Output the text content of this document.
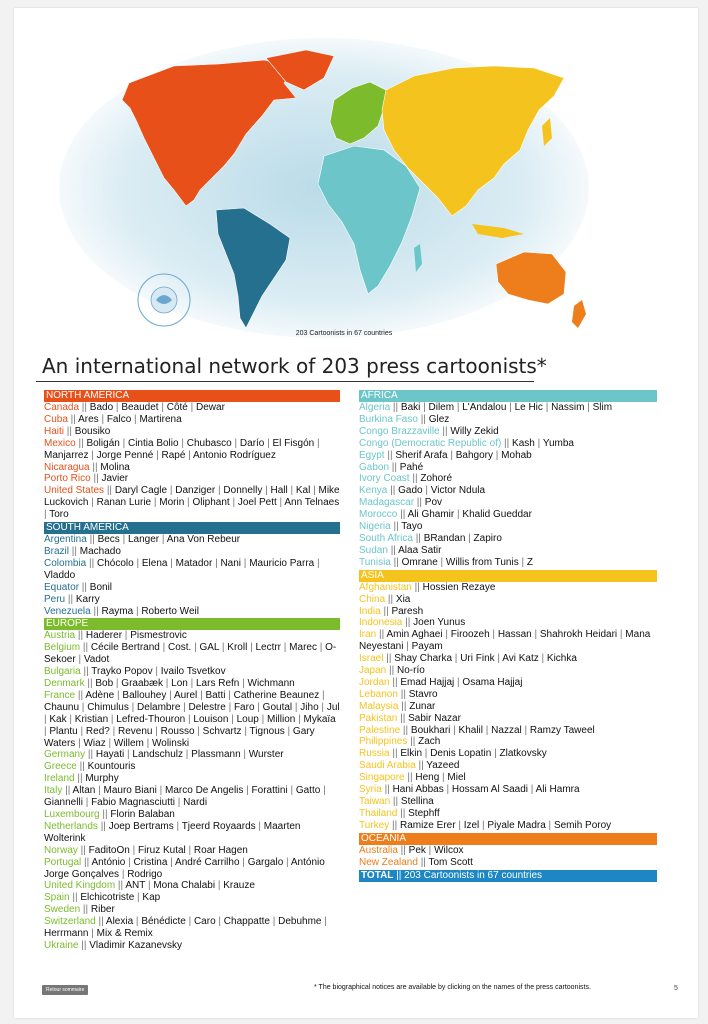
203 Cartoonists in 67 countries
An international network of 203 press cartoonists*
NORTH AMERICA
Canada || Bado | Beaudet | Côté | Dewar
Cuba || Ares | Falco | Martirena
Haiti || Bousiko
Mexico || Boligán | Cintia Bolio | Chubasco | Darío | El Fisgón | Manjarrez | Jorge Penné | Rapé | Antonio Rodríguez
Nicaragua || Molina
Porto Rico || Javier
United States || Daryl Cagle | Danziger | Donnelly | Hall | Kal | Mike Luckovich | Ranan Lurie | Morin | Oliphant | Joel Pett | Ann Telnaes | Toro
SOUTH AMERICA
Argentina || Becs | Langer | Ana Von Rebeur
Brazil || Machado
Colombia || Chócolo | Elena | Matador | Nani | Mauricio Parra | Vladdo
Equator || Bonil
Peru || Karry
Venezuela || Rayma | Roberto Weil
EUROPE
Austria || Haderer | Pismestrovic
Belgium || Cécile Bertrand | Cost. | GAL | Kroll | Lectrr | Marec | O-Sekoer | Vadot
Bulgaria || Trayko Popov | Ivailo Tsvetkov
Denmark || Bob | Graabæk | Lon | Lars Refn | Wichmann
France || Adène | Ballouhey | Aurel | Batti | Catherine Beaunez | Chaunu | Chimulus | Delambre | Delestre | Faro | Goutal | Jiho | Jul | Kak | Kristian | Lefred-Thouron | Louison | Loup | Million | Mykaïa | Plantu | Red? | Revenu | Rousso | Schvartz | Tignous | Gary Waters | Wiaz | Willem | Wolinski
Germany || Hayati | Landschulz | Plassmann | Wurster
Greece || Kountouris
Ireland || Murphy
Italy || Altan | Mauro Biani | Marco De Angelis | Forattini | Gatto | Giannelli | Fabio Magnasciutti | Nardi
Luxembourg || Florin Balaban
Netherlands || Joep Bertrams | Tjeerd Royaards | Maarten Wolterink
Norway || FaditoOn | Firuz Kutal | Roar Hagen
Portugal || António | Cristina | André Carrilho | Gargalo | António Jorge Gonçalves | Rodrigo
United Kingdom || ANT | Mona Chalabi | Krauze
Spain || Elchicotriste | Kap
Sweden || Riber
Switzerland || Alexia | Bénédicte | Caro | Chappatte | Debuhme | Herrmann | Mix & Remix
Ukraine || Vladimir Kazanevsky
AFRICA
Algeria || Baki | Dilem | L'Andalou | Le Hic | Nassim | Slim
Burkina Faso || Glez
Congo Brazzaville || Willy Zekid
Congo (Democratic Republic of) || Kash | Yumba
Egypt || Sherif Arafa | Bahgory | Mohab
Gabon || Pahé
Ivory Coast || Zohoré
Kenya || Gado | Victor Ndula
Madagascar || Pov
Morocco || Ali Ghamir | Khalid Gueddar
Nigeria || Tayo
South Africa || BRandan | Zapiro
Sudan || Alaa Satir
Tunisia || Omrane | Willis from Tunis | Z
ASIA
Afghanistan || Hossien Rezaye
China || Xia
India || Paresh
Indonesia || Joen Yunus
Iran || Amin Aghaei | Firoozeh | Hassan | Shahrokh Heidari | Mana Neyestani | Payam
Israel || Shay Charka | Uri Fink | Avi Katz | Kichka
Japan || No-río
Jordan || Emad Hajjaj | Osama Hajjaj
Lebanon || Stavro
Malaysia || Zunar
Pakistan || Sabir Nazar
Palestine || Boukhari | Khalil | Nazzal | Ramzy Taweel
Philippines || Zach
Russia || Elkin | Denis Lopatin | Zlatkovsky
Saudi Arabia || Yazeed
Singapore || Heng | Miel
Syria || Hani Abbas | Hossam Al Saadi | Ali Hamra
Taiwan || Stellina
Thailand || Stephff
Turkey || Ramize Erer | Izel | Piyale Madra | Semih Poroy
OCEANIA
Australia || Pek | Wilcox
New Zealand || Tom Scott
TOTAL || 203 Cartoonists in 67 countries
Retour sommaire	* The biographical notices are available by clicking on the names of the press cartoonists.	5
